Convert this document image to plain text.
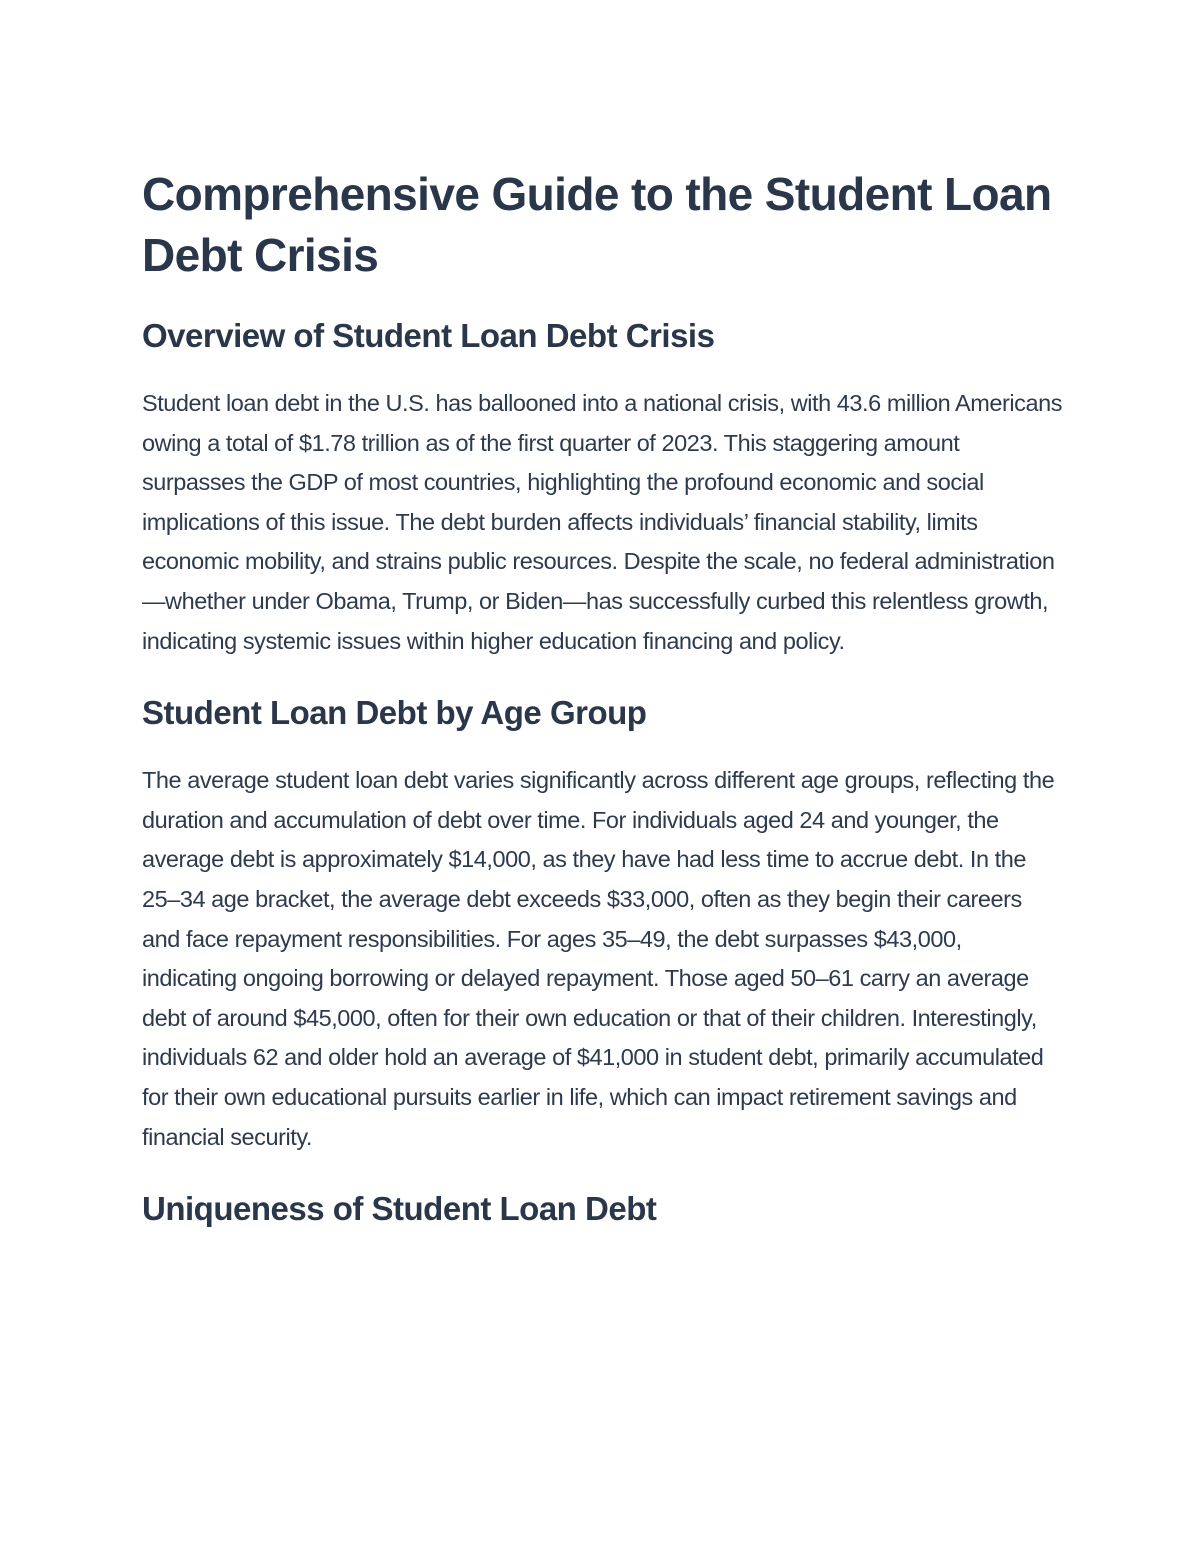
Comprehensive Guide to the Student Loan Debt Crisis
Overview of Student Loan Debt Crisis

Student loan debt in the U.S. has ballooned into a national crisis, with 43.6 million Americans owing a total of $1.78 trillion as of the first quarter of 2023. This staggering amount surpasses the GDP of most countries, highlighting the profound economic and social implications of this issue. The debt burden affects individuals’ financial stability, limits economic mobility, and strains public resources. Despite the scale, no federal administration—whether under Obama, Trump, or Biden—has successfully curbed this relentless growth, indicating systemic issues within higher education financing and policy.

Student Loan Debt by Age Group

The average student loan debt varies significantly across different age groups, reflecting the duration and accumulation of debt over time. For individuals aged 24 and younger, the average debt is approximately $14,000, as they have had less time to accrue debt. In the 25–34 age bracket, the average debt exceeds $33,000, often as they begin their careers and face repayment responsibilities. For ages 35–49, the debt surpasses $43,000, indicating ongoing borrowing or delayed repayment. Those aged 50–61 carry an average debt of around $45,000, often for their own education or that of their children. Interestingly, individuals 62 and older hold an average of $41,000 in student debt, primarily accumulated for their own educational pursuits earlier in life, which can impact retirement savings and financial security.

Uniqueness of Student Loan Debt
